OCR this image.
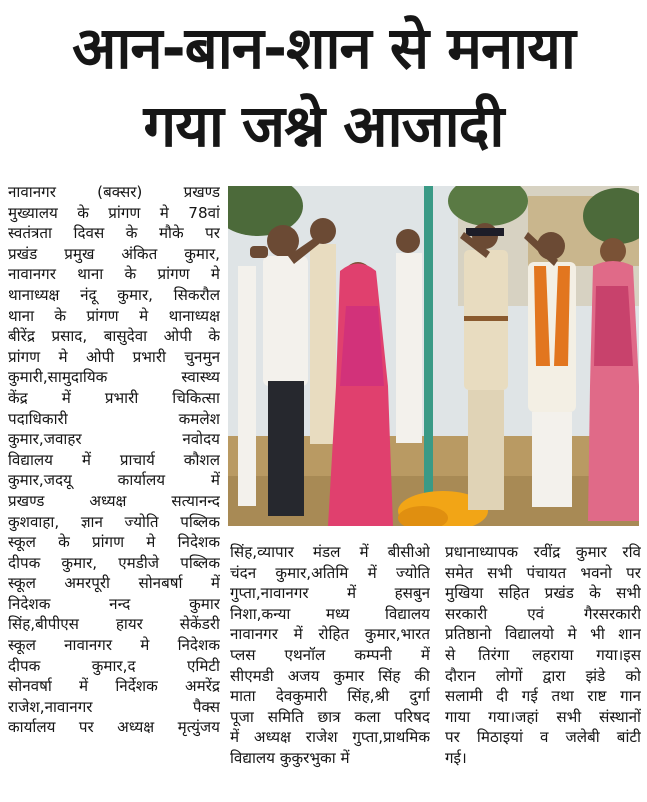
आन-बान-शान से मनाया
गया जश्ने आजादी
नावानगर (बक्सर) प्रखण्ड
मुख्यालय के प्रांगण मे 78वां
स्वतंत्रता दिवस के मौके पर
प्रखंड प्रमुख अंकित कुमार,
नावानगर थाना के प्रांगण मे
थानाध्यक्ष नंदू कुमार, सिकरौल
थाना के प्रांगण मे थानाध्यक्ष
बीरेंद्र प्रसाद, बासुदेवा ओपी के
प्रांगण मे ओपी प्रभारी चुनमुन
कुमारी,सामुदायिक स्वास्थ्य
केंद्र में प्रभारी चिकित्सा
पदाधिकारी कमलेश
कुमार,जवाहर नवोदय
विद्यालय में प्राचार्य कौशल
कुमार,जदयू कार्यालय में
प्रखण्ड अध्यक्ष सत्यानन्द
कुशवाहा, ज्ञान ज्योति पब्लिक
स्कूल के प्रांगण मे निदेशक
दीपक कुमार, एमडीजे पब्लिक
स्कूल अमरपूरी सोनबर्षा में
निदेशक नन्द कुमार
सिंह,बीपीएस हायर सेकेंडरी
स्कूल नावानगर मे निदेशक
दीपक कुमार,द एमिटी
सोनवर्षा में निर्देशक अमरेंद्र
राजेश,नावानगर पैक्स
कार्यालय पर अध्यक्ष मृत्युंजय
सिंह,व्यापार मंडल में बीसीओ
चंदन कुमार,अतिमि में ज्योति
गुप्ता,नावानगर में हसबुन
निशा,कन्या मध्य विद्यालय
नावानगर में रोहित कुमार,भारत
प्लस एथनॉल कम्पनी में
सीएमडी अजय कुमार सिंह की
माता देवकुमारी सिंह,श्री दुर्गा
पूजा समिति छात्र कला परिषद
में अध्यक्ष राजेश गुप्ता,प्राथमिक
विद्यालय कुकुरभुका में
प्रधानाध्यापक रवींद्र कुमार रवि
समेत सभी पंचायत भवनो पर
मुखिया सहित प्रखंड के सभी
सरकारी एवं गैरसरकारी
प्रतिष्ठानो विद्यालयो मे भी शान
से तिरंगा लहराया गया।इस
दौरान लोगों द्वारा झंडे को
सलामी दी गई तथा राष्ट गान
गाया गया।जहां सभी संस्थानों
पर मिठाइयां व जलेबी बांटी
गई।
